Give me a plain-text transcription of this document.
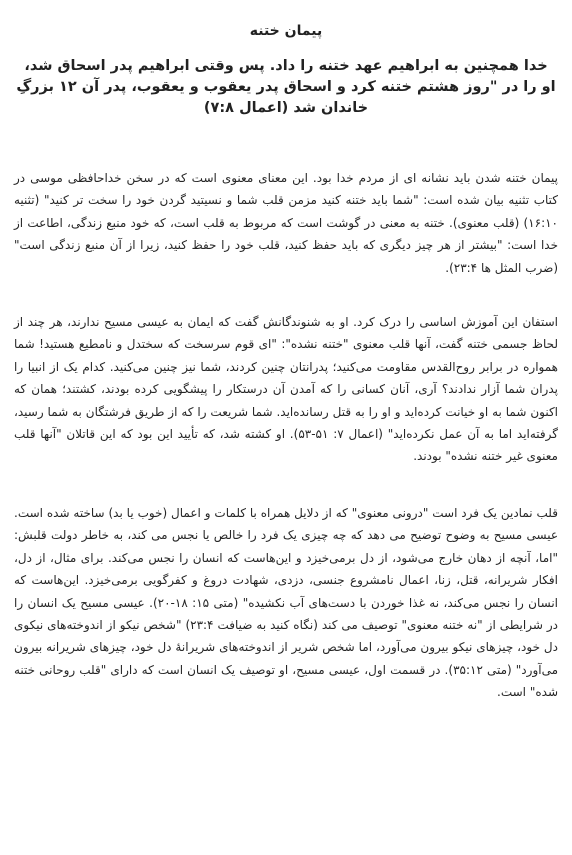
پیمان ختنه

خدا همچنین به ابراهیم عهد ختنه را داد. پس وقتی ابراهیم پدر اسحاق شد، او را در "روز هشتم ختنه کرد و اسحاق پدر یعقوب و یعقوب، پدر آن ۱۲ بزرگِ خاندان شد (اعمال ۷:۸)

پیمان ختنه شدن باید نشانه ای از مردم خدا بود. این معنای معنوی است که در سخن خداحافظی موسی در کتاب تثنیه بیان شده است: "شما باید ختنه کنید مزمن قلب شما و نسیتید گردن خود را سخت تر کنید" (تثنیه ۱۶:۱۰) (قلب معنوی). ختنه به معنی در گوشت است که مربوط به قلب است، که خود منبع زندگی، اطاعت از خدا است: "بیشتر از هر چیز دیگری که باید حفظ کنید، قلب خود را حفظ کنید، زیرا از آن منبع زندگی است" (ضرب المثل ها ۲۳:۴).

استفان این آموزش اساسی را درک کرد. او به شنوندگانش گفت که ایمان به عیسی مسیح ندارند، هر چند از لحاظ جسمی ختنه گفت، آنها قلب معنوی "ختنه نشده": "ای قوم سرسخت که سختدل و نامطیع هستید! شما همواره در برابر روح‌القدس مقاومت می‌کنید؛ پدرانتان چنین کردند، شما نیز چنین می‌کنید. کدام یک از انبیا را پدران شما آزار ندادند؟ آری، آنان کسانی را که آمدن آن درستکار را پیشگویی کرده بودند، کشتند؛ همان که اکنون شما به او خیانت کرده‌اید و او را به قتل رسانده‌اید. شما شریعت را که از طریق فرشتگان به شما رسید، گرفته‌اید اما به آن عمل نکرده‌اید" (اعمال ۷: ۵۱-۵۳). او کشته شد، که تأیید این بود که این قاتلان "آنها قلب معنوی غیر ختنه نشده" بودند.

قلب نمادین یک فرد است "درونی معنوی" که از دلایل همراه با کلمات و اعمال (خوب یا بد) ساخته شده است. عیسی مسیح به وضوح توضیح می دهد که چه چیزی یک فرد را خالص یا نجس می کند، به خاطر دولت قلبش: "اما، آنچه از دهان خارج می‌شود، از دل برمی‌خیزد و این‌هاست که انسان را نجس می‌کند. برای مثال، از دل، افکار شریرانه، قتل، زنا، اعمال نامشروع جنسی، دزدی، شهادت دروغ و کفرگویی برمی‌خیزد. این‌هاست که انسان را نجس می‌کند، نه غذا خوردن با دست‌های آب نکشیده" (متی ۱۵: ۱۸-۲۰). عیسی مسیح یک انسان را در شرایطی از "نه ختنه معنوی" توصیف می کند (نگاه کنید به ضیافت ۲۳:۴) "شخص نیکو از اندوخته‌های نیکوی دل خود، چیزهای نیکو بیرون می‌آورد، اما شخص شریر از اندوخته‌های شریرانهٔ دل خود، چیزهای شریرانه بیرون می‌آورد" (متی ۳۵:۱۲). در قسمت اول، عیسی مسیح، او توصیف یک انسان است که دارای "قلب روحانی ختنه شده" است.
